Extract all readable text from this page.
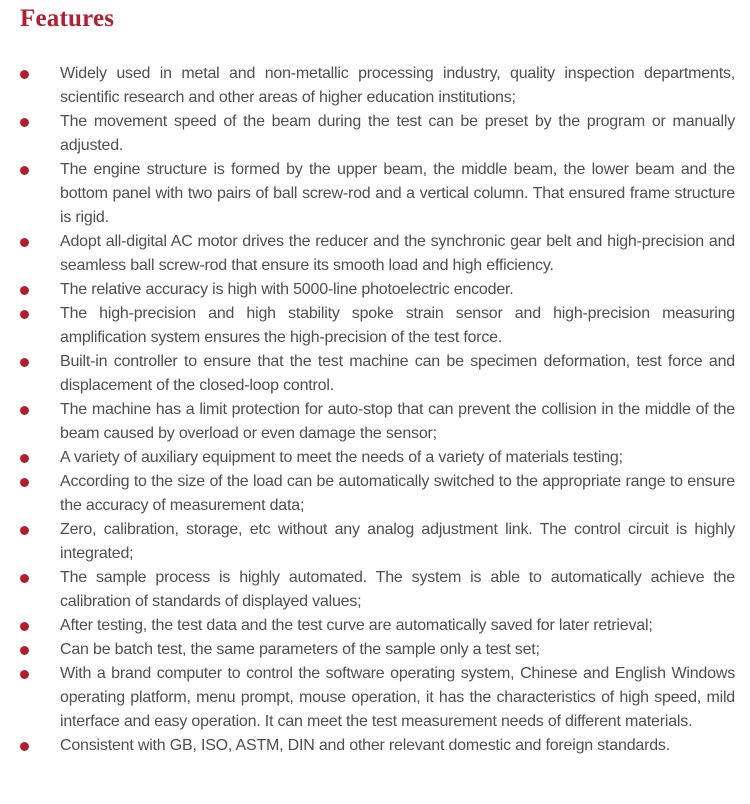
Features
Widely used in metal and non-metallic processing industry, quality inspection departments, scientific research and other areas of higher education institutions;
The movement speed of the beam during the test can be preset by the program or manually adjusted.
The engine structure is formed by the upper beam, the middle beam, the lower beam and the bottom panel with two pairs of ball screw-rod and a vertical column. That ensured frame structure is rigid.
Adopt all-digital AC motor drives the reducer and the synchronic gear belt and high-precision and seamless ball screw-rod that ensure its smooth load and high efficiency.
The relative accuracy is high with 5000-line photoelectric encoder.
The high-precision and high stability spoke strain sensor and high-precision measuring amplification system ensures the high-precision of the test force.
Built-in controller to ensure that the test machine can be specimen deformation, test force and displacement of the closed-loop control.
The machine has a limit protection for auto-stop that can prevent the collision in the middle of the beam caused by overload or even damage the sensor;
A variety of auxiliary equipment to meet the needs of a variety of materials testing;
According to the size of the load can be automatically switched to the appropriate range to ensure the accuracy of measurement data;
Zero, calibration, storage, etc without any analog adjustment link. The control circuit is highly integrated;
The sample process is highly automated. The system is able to automatically achieve the calibration of standards of displayed values;
After testing, the test data and the test curve are automatically saved for later retrieval;
Can be batch test, the same parameters of the sample only a test set;
With a brand computer to control the software operating system, Chinese and English Windows operating platform, menu prompt, mouse operation, it has the characteristics of high speed, mild interface and easy operation. It can meet the test measurement needs of different materials.
Consistent with GB, ISO, ASTM, DIN and other relevant domestic and foreign standards.
